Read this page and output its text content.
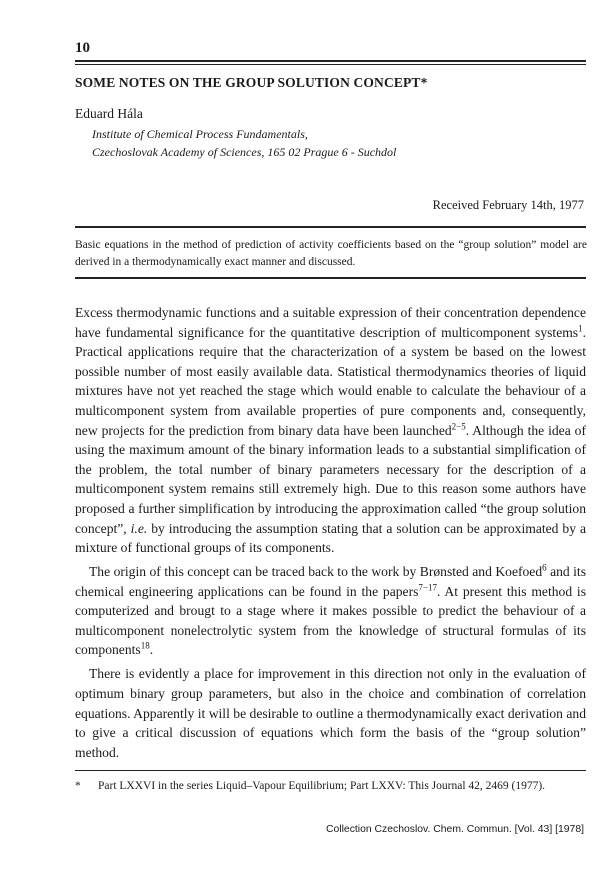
10
SOME NOTES ON THE GROUP SOLUTION CONCEPT*
Eduard Hála
Institute of Chemical Process Fundamentals,
Czechoslovak Academy of Sciences, 165 02 Prague 6 - Suchdol
Received February 14th, 1977
Basic equations in the method of prediction of activity coefficients based on the “group solution” model are derived in a thermodynamically exact manner and discussed.

Excess thermodynamic functions and a suitable expression of their concentration dependence have fundamental significance for the quantitative description of multicomponent systems$^1$. Practical applications require that the characterization of a system be based on the lowest possible number of most easily available data. Statistical thermodynamics theories of liquid mixtures have not yet reached the stage which would enable to calculate the behaviour of a multicomponent system from available properties of pure components and, consequently, new projects for the prediction from binary data have been launched$^{2-5}$. Although the idea of using the maximum amount of the binary information leads to a substantial simplification of the problem, the total number of binary parameters necessary for the description of a multicomponent system remains still extremely high. Due to this reason some authors have proposed a further simplification by introducing the approximation called “the group solution concept”, i.e. by introducing the assumption stating that a solution can be approximated by a mixture of functional groups of its components.

The origin of this concept can be traced back to the work by Brønsted and Koefoed$^6$ and its chemical engineering applications can be found in the papers$^{7-17}$. At present this method is computerized and brougt to a stage where it makes possible to predict the behaviour of a multicomponent nonelectrolytic system from the knowledge of structural formulas of its components$^{18}$.

There is evidently a place for improvement in this direction not only in the evaluation of optimum binary group parameters, but also in the choice and combination of correlation equations. Apparently it will be desirable to outline a thermodynamically exact derivation and to give a critical discussion of equations which form the basis of the “group solution” method.

*      Part LXXVI in the series Liquid–Vapour Equilibrium; Part LXXV: This Journal 42, 2469 (1977).
Collection Czechoslov. Chem. Commun. [Vol. 43] [1978]
